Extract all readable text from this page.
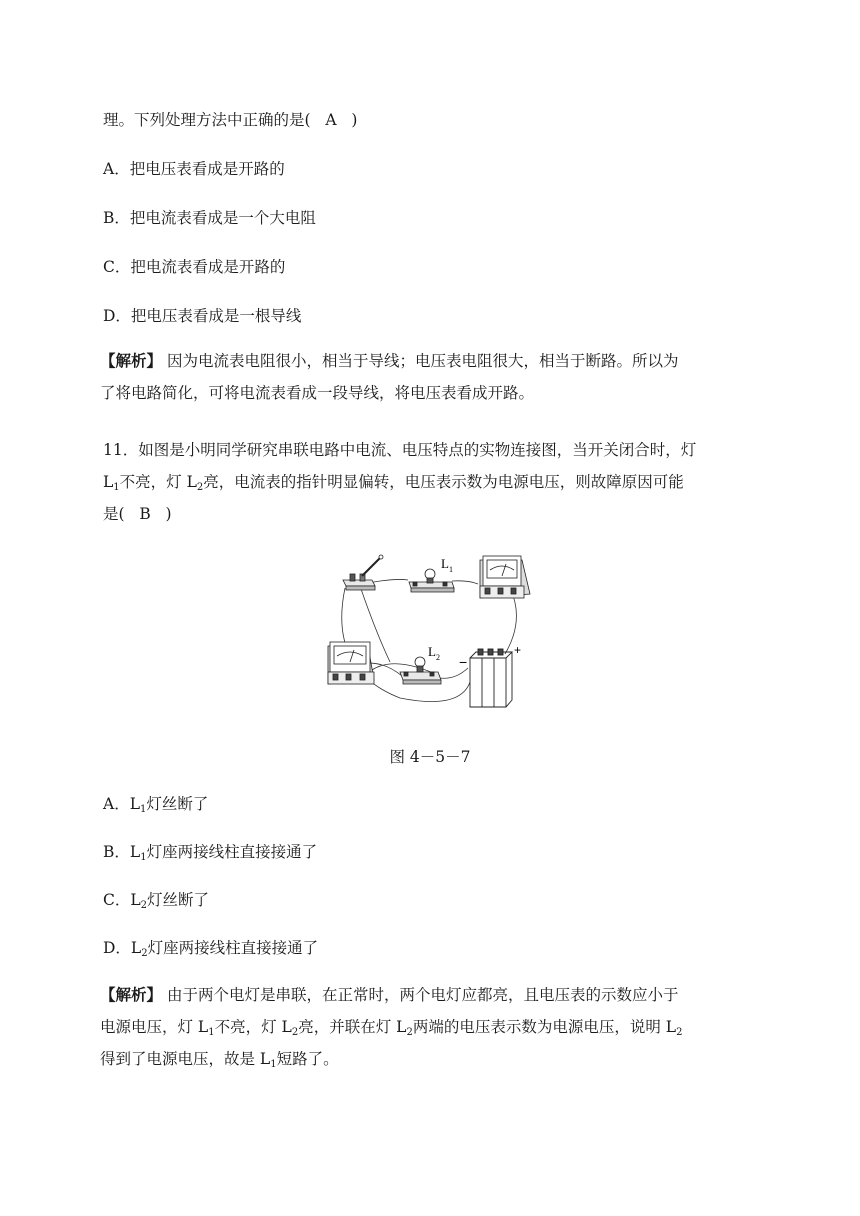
理。下列处理方法中正确的是( A )
A．把电压表看成是开路的
B．把电流表看成是一个大电阻
C．把电流表看成是开路的
D．把电压表看成是一根导线
【解析】 因为电流表电阻很小，相当于导线；电压表电阻很大，相当于断路。所以为
了将电路简化，可将电流表看成一段导线，将电压表看成开路。
11．如图是小明同学研究串联电路中电流、电压特点的实物连接图，当开关闭合时，灯
$L_1$不亮，灯 $L_2$亮，电流表的指针明显偏转，电压表示数为电源电压，则故障原因可能
是( B )
$L_1$
$L_2$ −
+
图 4－5－7
A．$L_1$灯丝断了
B．$L_1$灯座两接线柱直接接通了
C．$L_2$灯丝断了
D．$L_2$灯座两接线柱直接接通了
【解析】 由于两个电灯是串联，在正常时，两个电灯应都亮，且电压表的示数应小于
电源电压，灯 $L_1$不亮，灯 $L_2$亮，并联在灯 $L_2$两端的电压表示数为电源电压，说明 $L_2$
得到了电源电压，故是 $L_1$短路了。
